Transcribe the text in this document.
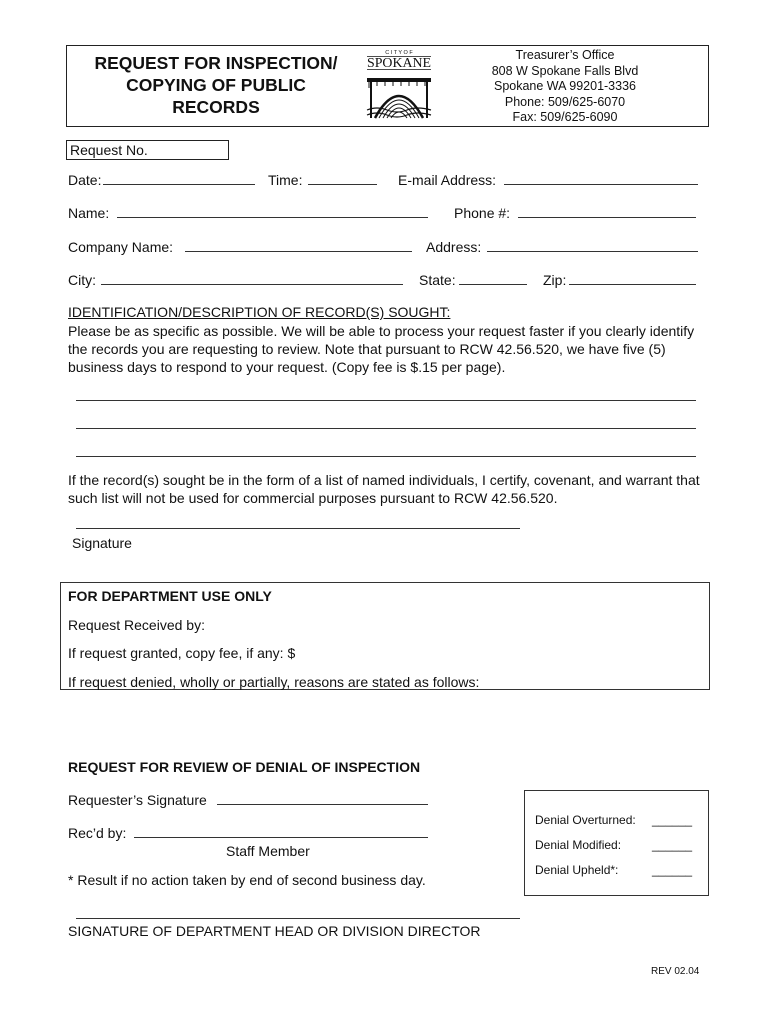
REQUEST FOR INSPECTION/
COPYING OF PUBLIC
RECORDS
C I T Y O F
SPOKANE	Treasurer’s Office
808 W Spokane Falls Blvd
Spokane WA 99201-3336
Phone: 509/625-6070
Fax: 509/625-6090
Request No.
Date:	Time:	E-mail Address:
Name:	Phone #:
Company Name:	Address:
City:	State:	Zip:
IDENTIFICATION/DESCRIPTION OF RECORD(S) SOUGHT:
Please be as specific as possible. We will be able to process your request faster if you clearly identify the records you are requesting to review. Note that pursuant to RCW 42.56.520, we have five (5) business days to respond to your request. (Copy fee is $.15 per page).
If the record(s) sought be in the form of a list of named individuals, I certify, covenant, and warrant that such list will not be used for commercial purposes pursuant to RCW 42.56.520.
Signature
FOR DEPARTMENT USE ONLY
Request Received by:
If request granted, copy fee, if any: $
If request denied, wholly or partially, reasons are stated as follows:
REQUEST FOR REVIEW OF DENIAL OF INSPECTION
Requester’s Signature
Rec’d by:
Staff Member
* Result if no action taken by end of second business day.
Denial Overturned: ______
Denial Modified:	______
Denial Upheld*:	______
SIGNATURE OF DEPARTMENT HEAD OR DIVISION DIRECTOR
REV 02.04
